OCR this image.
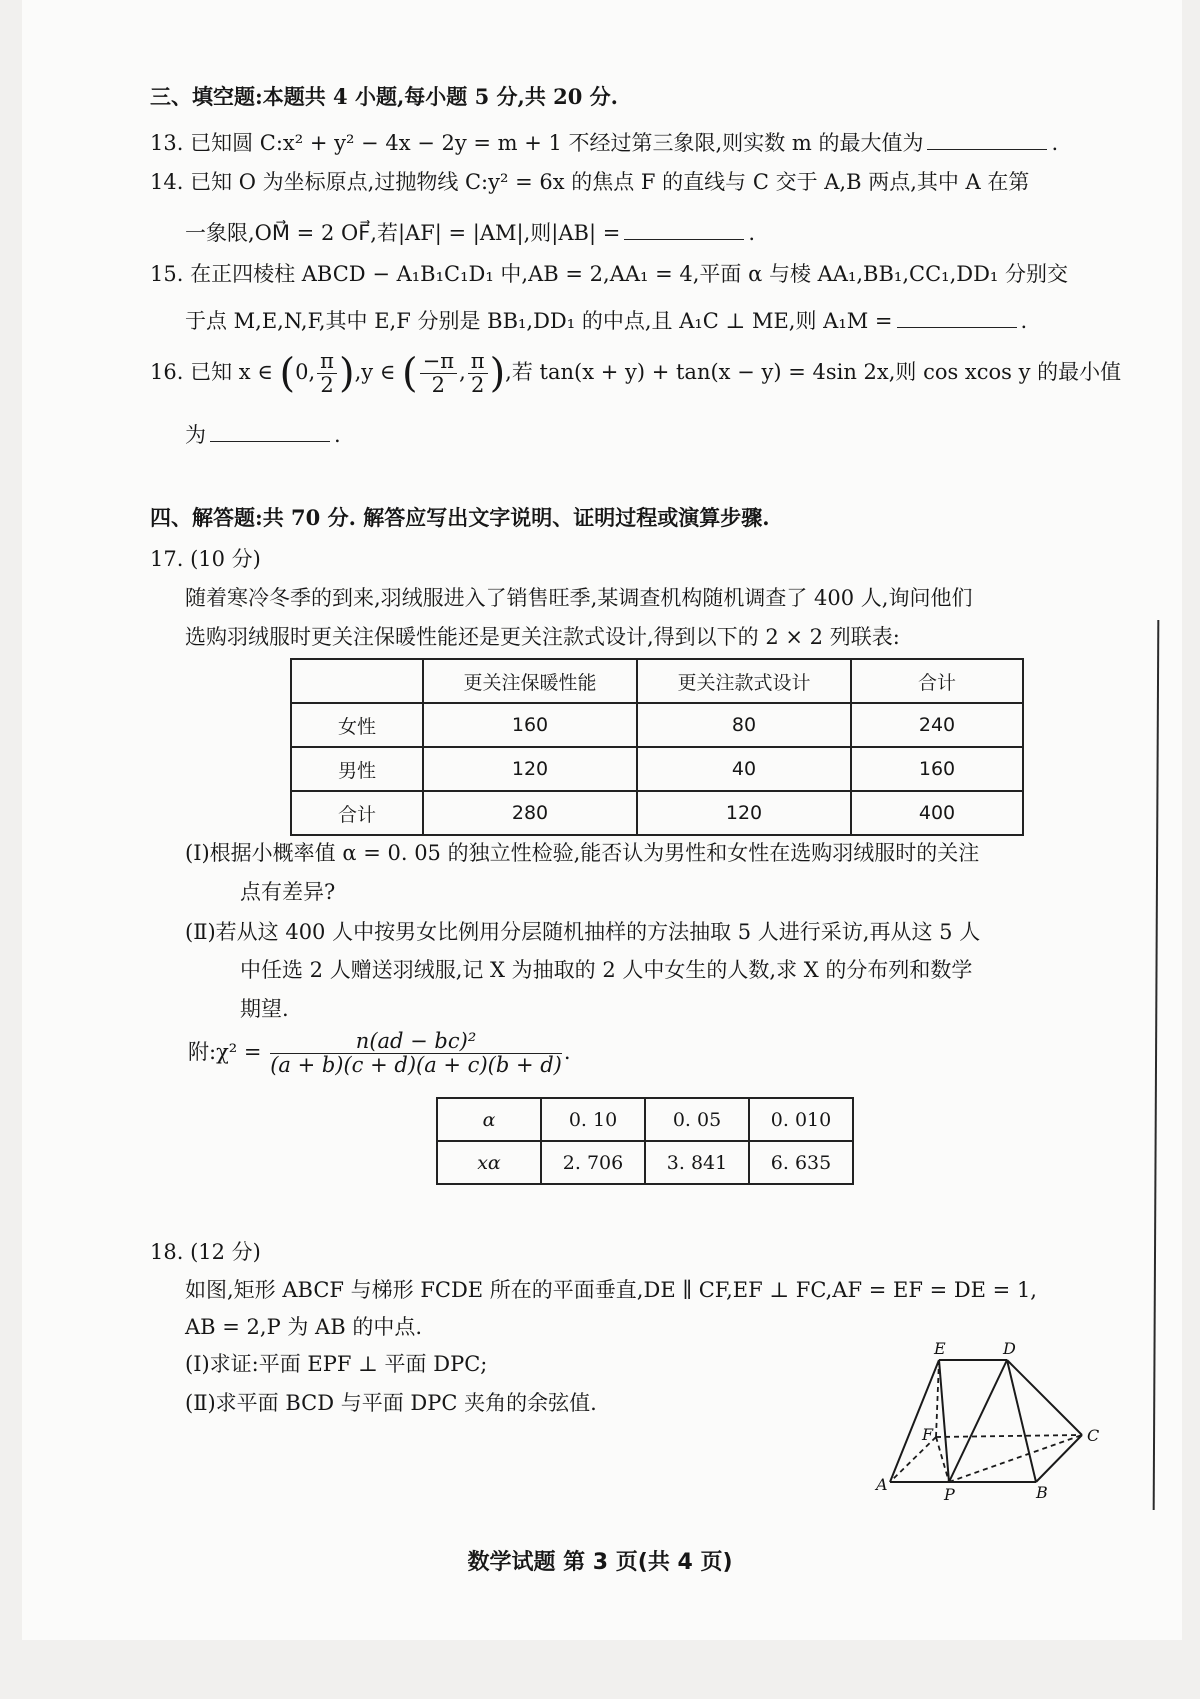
三、填空题:本题共 4 小题,每小题 5 分,共 20 分.
13. 已知圆 C:x² + y² − 4x − 2y = m + 1 不经过第三象限,则实数 m 的最大值为	.
14. 已知 O 为坐标原点,过抛物线 C:y² = 6x 的焦点 F 的直线与 C 交于 A,B 两点,其中 A 在第
一象限,OM⃗ = 2 OF⃗,若|AF| = |AM|,则|AB| =	.
15. 在正四棱柱 ABCD − A₁B₁C₁D₁ 中,AB = 2,AA₁ = 4,平面 α 与棱 AA₁,BB₁,CC₁,DD₁ 分别交
于点 M,E,N,F,其中 E,F 分别是 BB₁,DD₁ 的中点,且 A₁C ⊥ ME,则 A₁M =	.
16. 已知 x ∈ (0, $\frac{\pi}{2} ),y$ ∈ ( $\frac{-\pi}{2}$ , $\frac{\pi}{2}$ ),若 tan(x + y) + tan(x − y) = 4sin 2x,则 cos xcos y 的最小值
为	.
四、解答题:共 70 分. 解答应写出文字说明、证明过程或演算步骤.
17. (10 分)
随着寒冷冬季的到来,羽绒服进入了销售旺季,某调查机构随机调查了 400 人,询问他们
选购羽绒服时更关注保暖性能还是更关注款式设计,得到以下的 2 × 2 列联表:
	更关注保暖性能	更关注款式设计	合计
女性	160	80	240
男性	120	40	160
合计	280	120	400
(Ⅰ)根据小概率值 α = 0. 05 的独立性检验,能否认为男性和女性在选购羽绒服时的关注
点有差异?
(Ⅱ)若从这 400 人中按男女比例用分层随机抽样的方法抽取 5 人进行采访,再从这 5 人
中任选 2 人赠送羽绒服,记 X 为抽取的 2 人中女生的人数,求 X 的分布列和数学
期望.
附:χ² = $\frac{\text{n(ad − bc)²}}{(a + b)(c + d)(a + c)(b + d)}$ .
α	0. 10	0. 05	0. 010
xα	2. 706	3. 841	6. 635
18. (12 分)
如图,矩形 ABCF 与梯形 FCDE 所在的平面垂直,DE ∥ CF,EF ⊥ FC,AF = EF = DE = 1,
AB = 2,P 为 AB 的中点.
(Ⅰ)求证:平面 EPF ⊥ 平面 DPC;
(Ⅱ)求平面 BCD 与平面 DPC 夹角的余弦值.
E	D
F	C
A
P	B
数学试题 第 3 页(共 4 页)
